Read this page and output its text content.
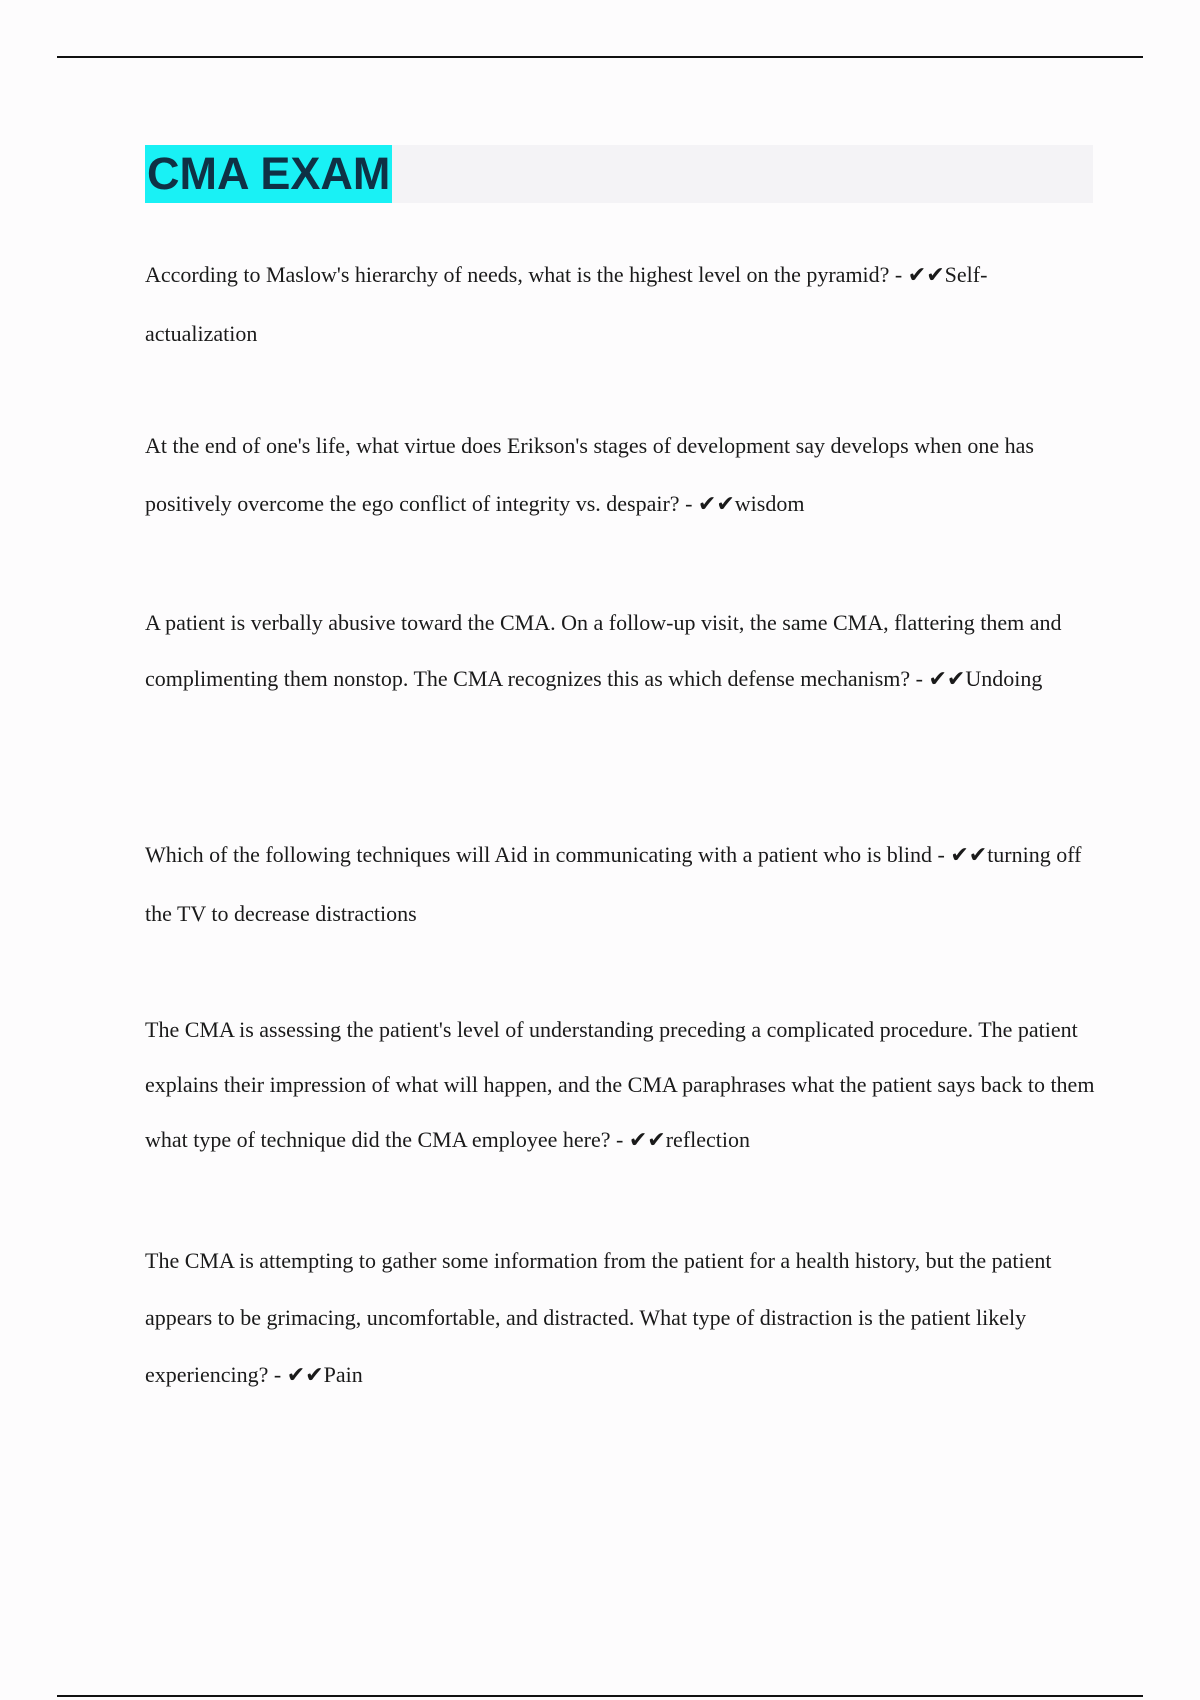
CMA EXAM

According to Maslow's hierarchy of needs, what is the highest level on the pyramid? - ✔✔Self-actualization

At the end of one's life, what virtue does Erikson's stages of development say develops when one has positively overcome the ego conflict of integrity vs. despair? - ✔✔wisdom

A patient is verbally abusive toward the CMA. On a follow-up visit, the same CMA, flattering them and complimenting them nonstop. The CMA recognizes this as which defense mechanism? - ✔✔Undoing

Which of the following techniques will Aid in communicating with a patient who is blind - ✔✔turning off the TV to decrease distractions

The CMA is assessing the patient's level of understanding preceding a complicated procedure. The patient explains their impression of what will happen, and the CMA paraphrases what the patient says back to them what type of technique did the CMA employee here? - ✔✔reflection

The CMA is attempting to gather some information from the patient for a health history, but the patient appears to be grimacing, uncomfortable, and distracted. What type of distraction is the patient likely experiencing? - ✔✔Pain
